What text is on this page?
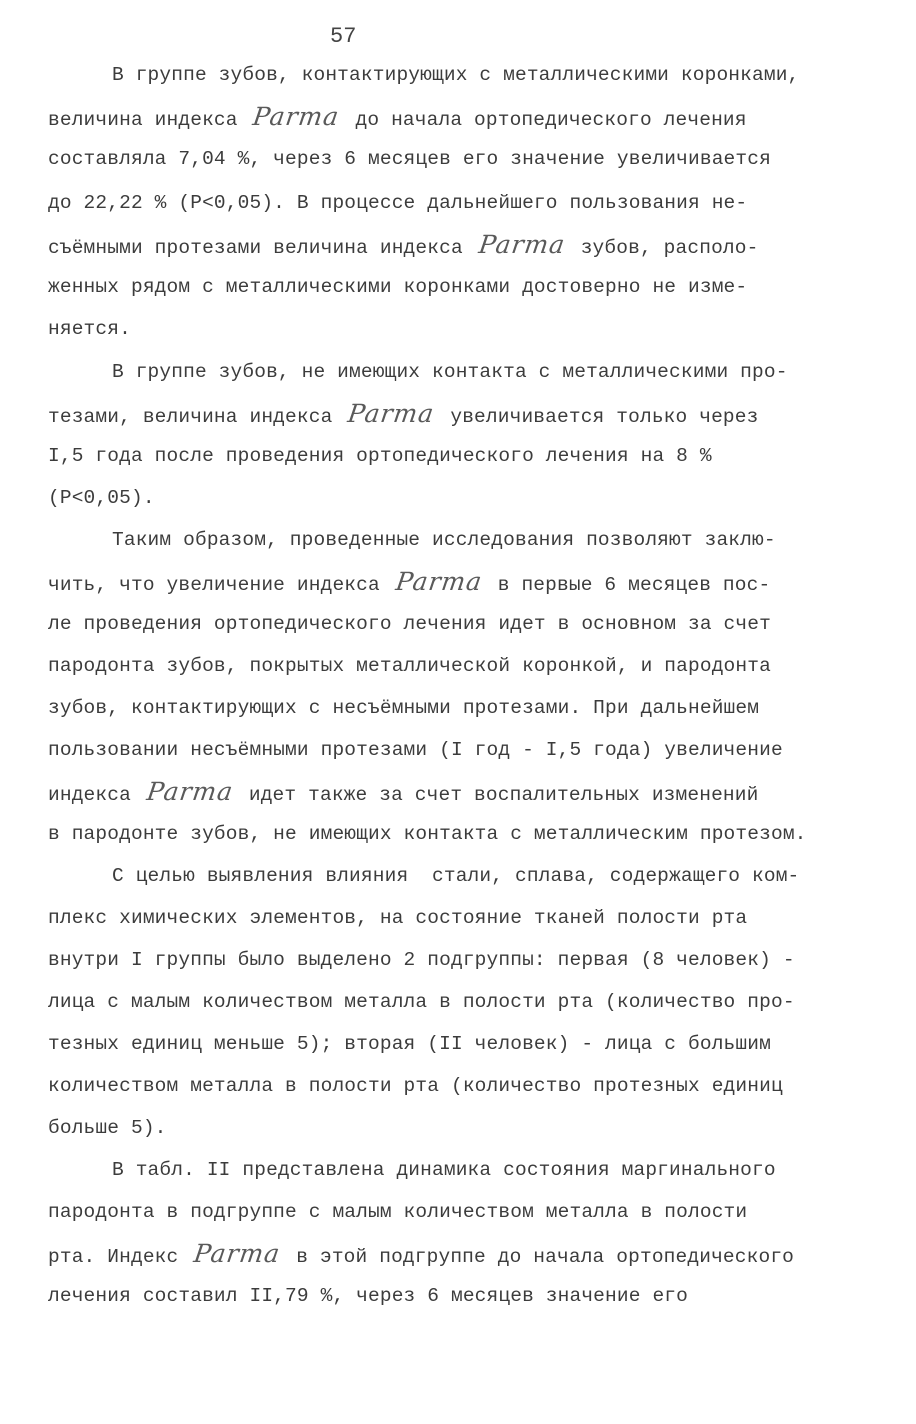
57
В группе зубов, контактирующих с металлическими коронками,
величина индекса Parma до начала ортопедического лечения
составляла 7,04 %, через 6 месяцев его значение увеличивается
до 22,22 % (P<0,05). В процессе дальнейшего пользования не-
съёмными протезами величина индекса Parma зубов, располо-
женных рядом с металлическими коронками достоверно не изме-
няется.
В группе зубов, не имеющих контакта с металлическими про-
тезами, величина индекса Parma увеличивается только через
I,5 года после проведения ортопедического лечения на 8 %
(P<0,05).
Таким образом, проведенные исследования позволяют заклю-
чить, что увеличение индекса Parma в первые 6 месяцев пос-
ле проведения ортопедического лечения идет в основном за счет
пародонта зубов, покрытых металлической коронкой, и пародонта
зубов, контактирующих с несъёмными протезами. При дальнейшем
пользовании несъёмными протезами (I год - I,5 года) увеличение
индекса Parma идет также за счет воспалительных изменений
в пародонте зубов, не имеющих контакта с металлическим протезом.
С целью выявления влияния  стали, сплава, содержащего ком-
плекс химических элементов, на состояние тканей полости рта
внутри I группы было выделено 2 подгруппы: первая (8 человек) -
лица с малым количеством металла в полости рта (количество про-
тезных единиц меньше 5); вторая (II человек) - лица с большим
количеством металла в полости рта (количество протезных единиц
больше 5).
В табл. II представлена динамика состояния маргинального
пародонта в подгруппе с малым количеством металла в полости
рта. Индекс Parma в этой подгруппе до начала ортопедического
лечения составил II,79 %, через 6 месяцев значение его
